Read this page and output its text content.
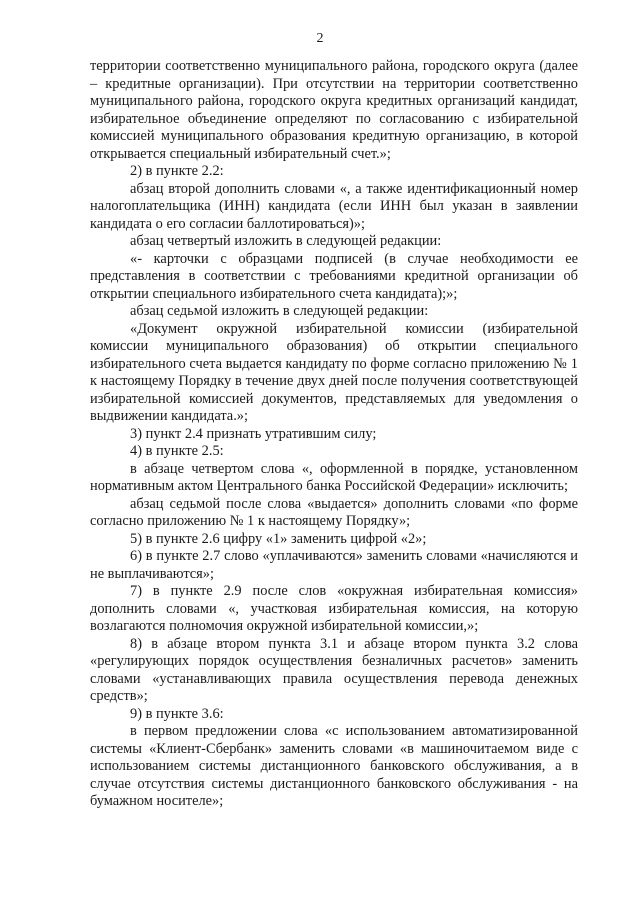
2

территории соответственно муниципального района, городского округа (далее – кредитные организации). При отсутствии на территории соответственно муниципального района, городского округа кредитных организаций кандидат, избирательное объединение определяют по согласованию с избирательной комиссией муниципального образования кредитную организацию, в которой открывается специальный избирательный счет.»;

2) в пункте 2.2:

абзац второй дополнить словами «, а также идентификационный номер налогоплательщика (ИНН) кандидата (если ИНН был указан в заявлении кандидата о его согласии баллотироваться)»;

абзац четвертый изложить в следующей редакции:

«- карточки с образцами подписей (в случае необходимости ее представления в соответствии с требованиями кредитной организации об открытии специального избирательного счета кандидата);»;

абзац седьмой изложить в следующей редакции:

«Документ окружной избирательной комиссии (избирательной комиссии муниципального образования) об открытии специального избирательного счета выдается кандидату по форме согласно приложению № 1 к настоящему Порядку в течение двух дней после получения соответствующей избирательной комиссией документов, представляемых для уведомления о выдвижении кандидата.»;

3) пункт 2.4 признать утратившим силу;

4) в пункте 2.5:

в абзаце четвертом слова «, оформленной в порядке, установленном нормативным актом Центрального банка Российской Федерации» исключить;

абзац седьмой после слова «выдается» дополнить словами «по форме согласно приложению № 1 к настоящему Порядку»;

5) в пункте 2.6 цифру «1» заменить цифрой «2»;

6) в пункте 2.7 слово «уплачиваются» заменить словами «начисляются и не выплачиваются»;

7) в пункте 2.9 после слов «окружная избирательная комиссия» дополнить словами «, участковая избирательная комиссия, на которую возлагаются полномочия окружной избирательной комиссии,»;

8) в абзаце втором пункта 3.1 и абзаце втором пункта 3.2 слова «регулирующих порядок осуществления безналичных расчетов» заменить словами «устанавливающих правила осуществления перевода денежных средств»;

9) в пункте 3.6:

в первом предложении слова «с использованием автоматизированной системы «Клиент-Сбербанк» заменить словами «в машиночитаемом виде с использованием системы дистанционного банковского обслуживания, а в случае отсутствия системы дистанционного банковского обслуживания - на бумажном носителе»;
